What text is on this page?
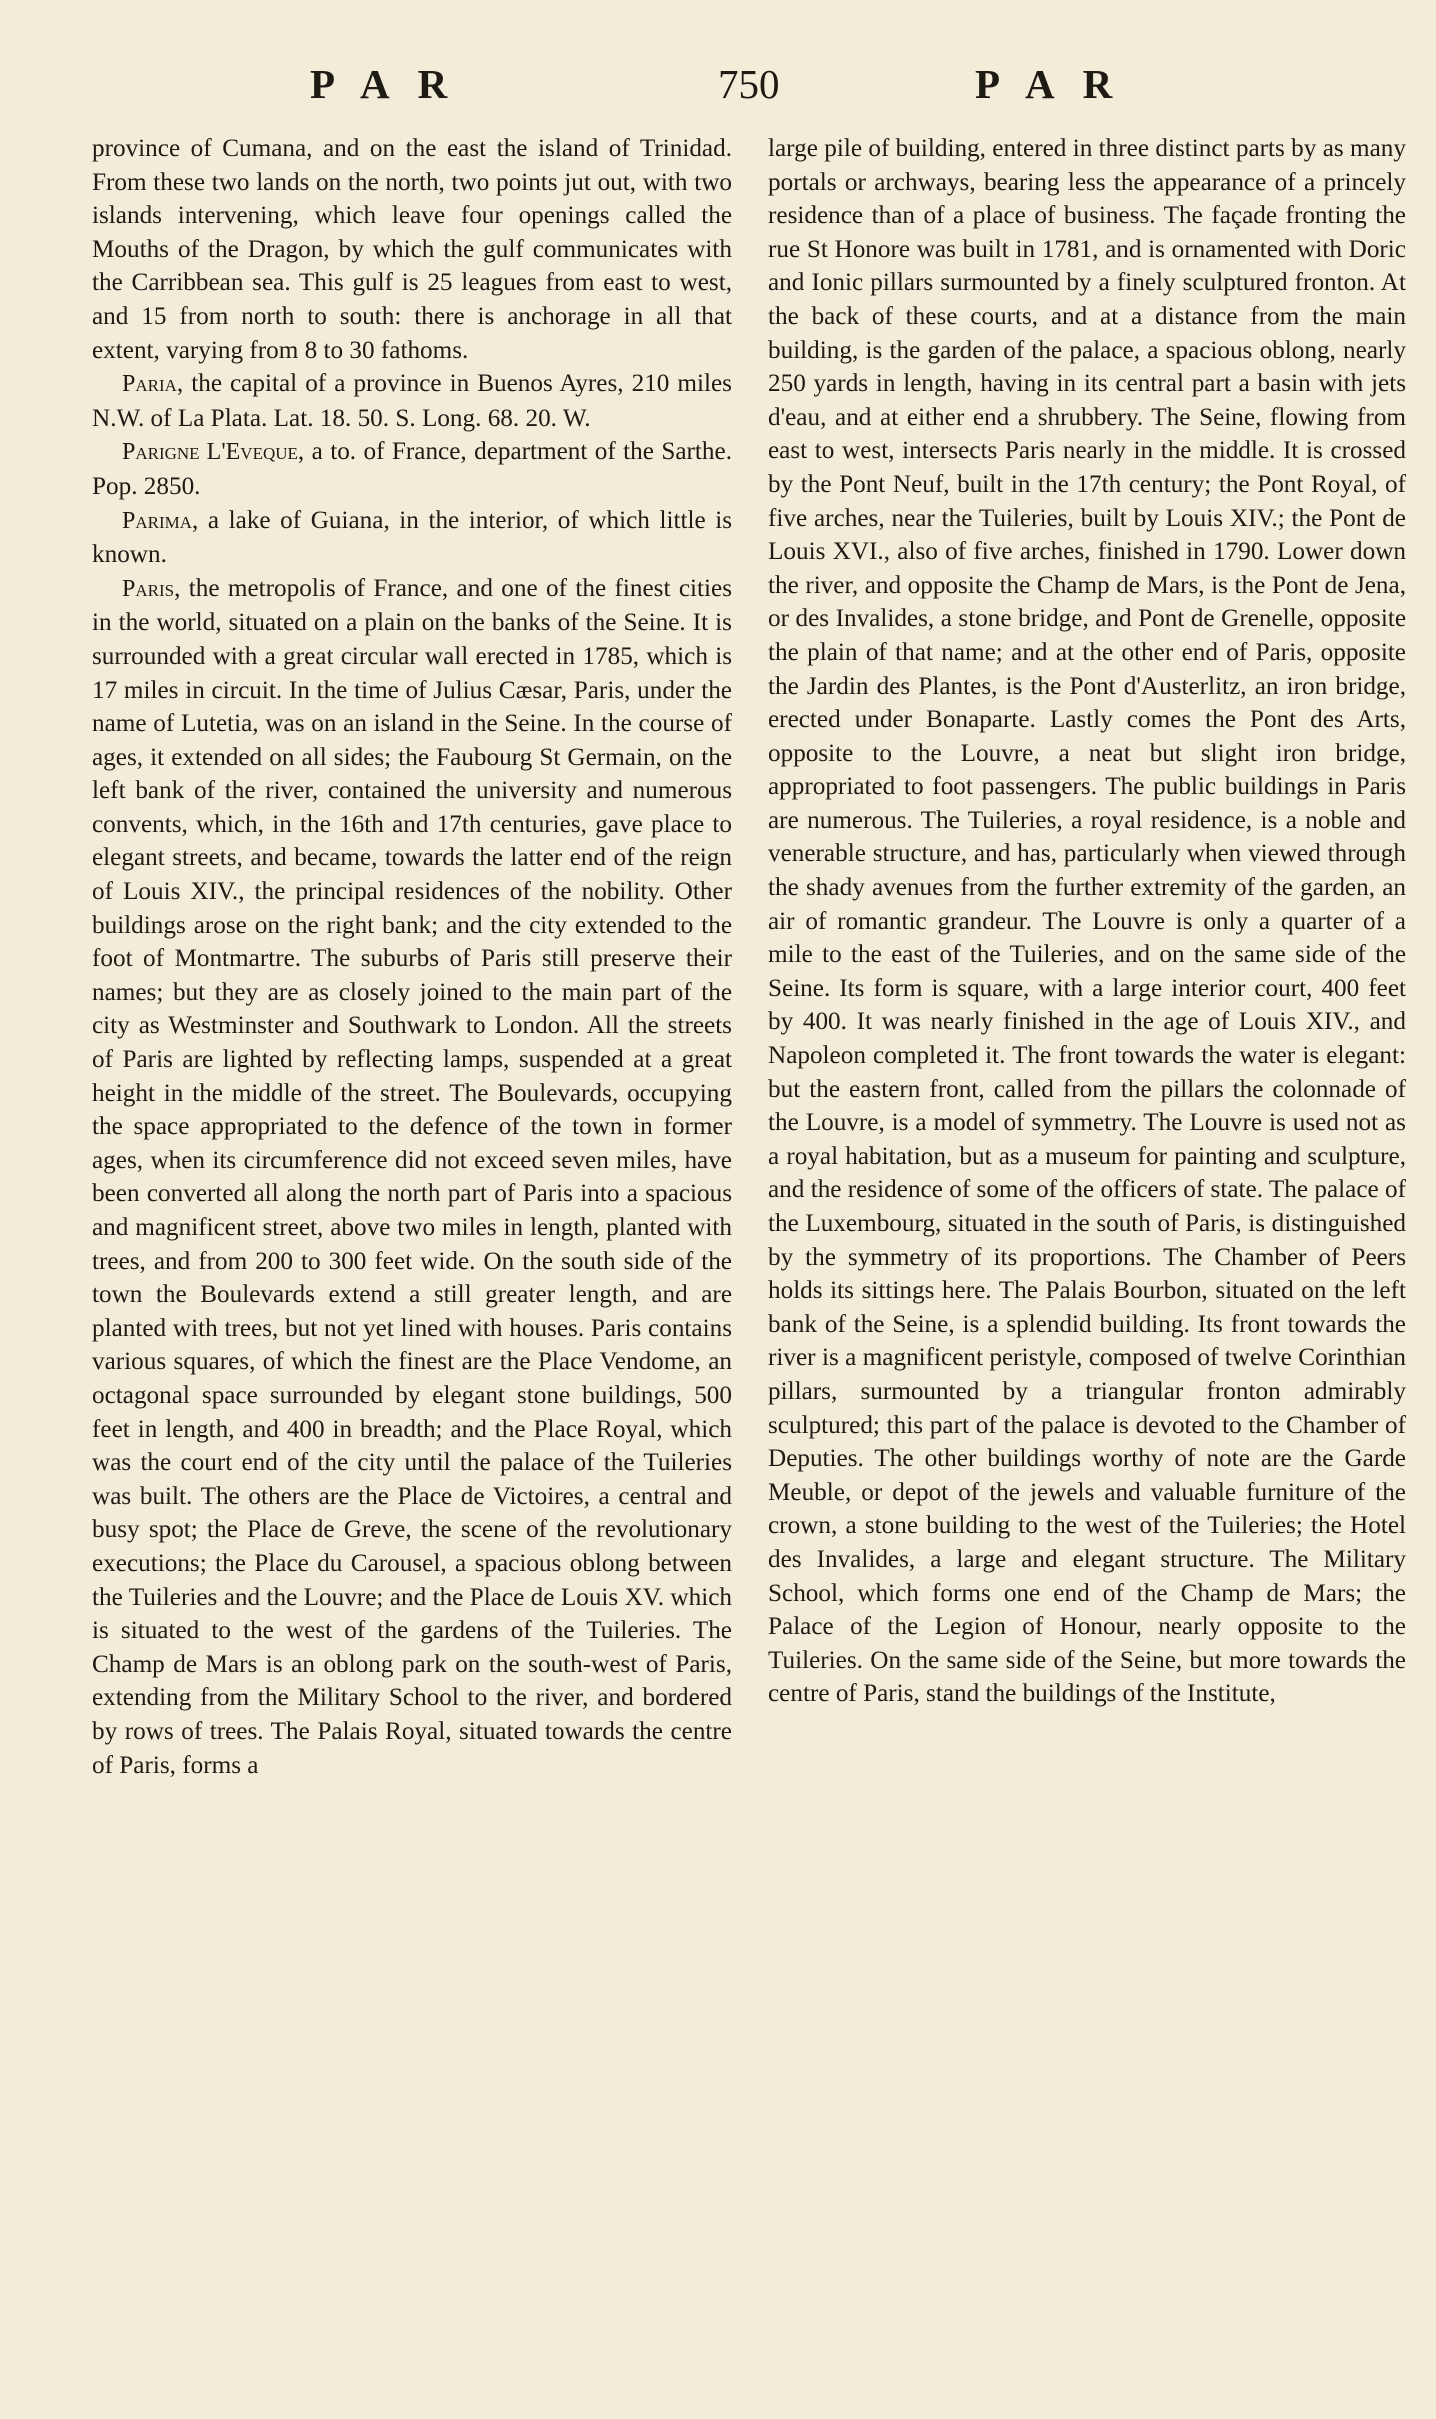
PAR	750	PAR

province of Cumana, and on the east the island of Trinidad. From these two lands on the north, two points jut out, with two islands intervening, which leave four openings called the Mouths of the Dragon, by which the gulf communicates with the Carribbean sea. This gulf is 25 leagues from east to west, and 15 from north to south: there is anchorage in all that extent, varying from 8 to 30 fathoms.

Paria, the capital of a province in Buenos Ayres, 210 miles N.W. of La Plata. Lat. 18. 50. S. Long. 68. 20. W.

Parigne L'Eveque, a to. of France, department of the Sarthe. Pop. 2850.

Parima, a lake of Guiana, in the interior, of which little is known.

Paris, the metropolis of France, and one of the finest cities in the world, situated on a plain on the banks of the Seine. It is surrounded with a great circular wall erected in 1785, which is 17 miles in circuit. In the time of Julius Cæsar, Paris, under the name of Lutetia, was on an island in the Seine. In the course of ages, it extended on all sides; the Faubourg St Germain, on the left bank of the river, contained the university and numerous convents, which, in the 16th and 17th centuries, gave place to elegant streets, and became, towards the latter end of the reign of Louis XIV., the principal residences of the nobility. Other buildings arose on the right bank; and the city extended to the foot of Montmartre. The suburbs of Paris still preserve their names; but they are as closely joined to the main part of the city as Westminster and Southwark to London. All the streets of Paris are lighted by reflecting lamps, suspended at a great height in the middle of the street. The Boulevards, occupying the space appropriated to the defence of the town in former ages, when its circumference did not exceed seven miles, have been converted all along the north part of Paris into a spacious and magnificent street, above two miles in length, planted with trees, and from 200 to 300 feet wide. On the south side of the town the Boulevards extend a still greater length, and are planted with trees, but not yet lined with houses. Paris contains various squares, of which the finest are the Place Vendome, an octagonal space surrounded by elegant stone buildings, 500 feet in length, and 400 in breadth; and the Place Royal, which was the court end of the city until the palace of the Tuileries was built. The others are the Place de Victoires, a central and busy spot; the Place de Greve, the scene of the revolutionary executions; the Place du Carousel, a spacious oblong between the Tuileries and the Louvre; and the Place de Louis XV. which is situated to the west of the gardens of the Tuileries. The Champ de Mars is an oblong park on the south-west of Paris, extending from the Military School to the river, and bordered by rows of trees. The Palais Royal, situated towards the centre of Paris, forms a

large pile of building, entered in three distinct parts by as many portals or archways, bearing less the appearance of a princely residence than of a place of business. The façade fronting the rue St Honore was built in 1781, and is ornamented with Doric and Ionic pillars surmounted by a finely sculptured fronton. At the back of these courts, and at a distance from the main building, is the garden of the palace, a spacious oblong, nearly 250 yards in length, having in its central part a basin with jets d'eau, and at either end a shrubbery. The Seine, flowing from east to west, intersects Paris nearly in the middle. It is crossed by the Pont Neuf, built in the 17th century; the Pont Royal, of five arches, near the Tuileries, built by Louis XIV.; the Pont de Louis XVI., also of five arches, finished in 1790. Lower down the river, and opposite the Champ de Mars, is the Pont de Jena, or des Invalides, a stone bridge, and Pont de Grenelle, opposite the plain of that name; and at the other end of Paris, opposite the Jardin des Plantes, is the Pont d'Austerlitz, an iron bridge, erected under Bonaparte. Lastly comes the Pont des Arts, opposite to the Louvre, a neat but slight iron bridge, appropriated to foot passengers. The public buildings in Paris are numerous. The Tuileries, a royal residence, is a noble and venerable structure, and has, particularly when viewed through the shady avenues from the further extremity of the garden, an air of romantic grandeur. The Louvre is only a quarter of a mile to the east of the Tuileries, and on the same side of the Seine. Its form is square, with a large interior court, 400 feet by 400. It was nearly finished in the age of Louis XIV., and Napoleon completed it. The front towards the water is elegant: but the eastern front, called from the pillars the colonnade of the Louvre, is a model of symmetry. The Louvre is used not as a royal habitation, but as a museum for painting and sculpture, and the residence of some of the officers of state. The palace of the Luxembourg, situated in the south of Paris, is distinguished by the symmetry of its proportions. The Chamber of Peers holds its sittings here. The Palais Bourbon, situated on the left bank of the Seine, is a splendid building. Its front towards the river is a magnificent peristyle, composed of twelve Corinthian pillars, surmounted by a triangular fronton admirably sculptured; this part of the palace is devoted to the Chamber of Deputies. The other buildings worthy of note are the Garde Meuble, or depot of the jewels and valuable furniture of the crown, a stone building to the west of the Tuileries; the Hotel des Invalides, a large and elegant structure. The Military School, which forms one end of the Champ de Mars; the Palace of the Legion of Honour, nearly opposite to the Tuileries. On the same side of the Seine, but more towards the centre of Paris, stand the buildings of the Institute,
